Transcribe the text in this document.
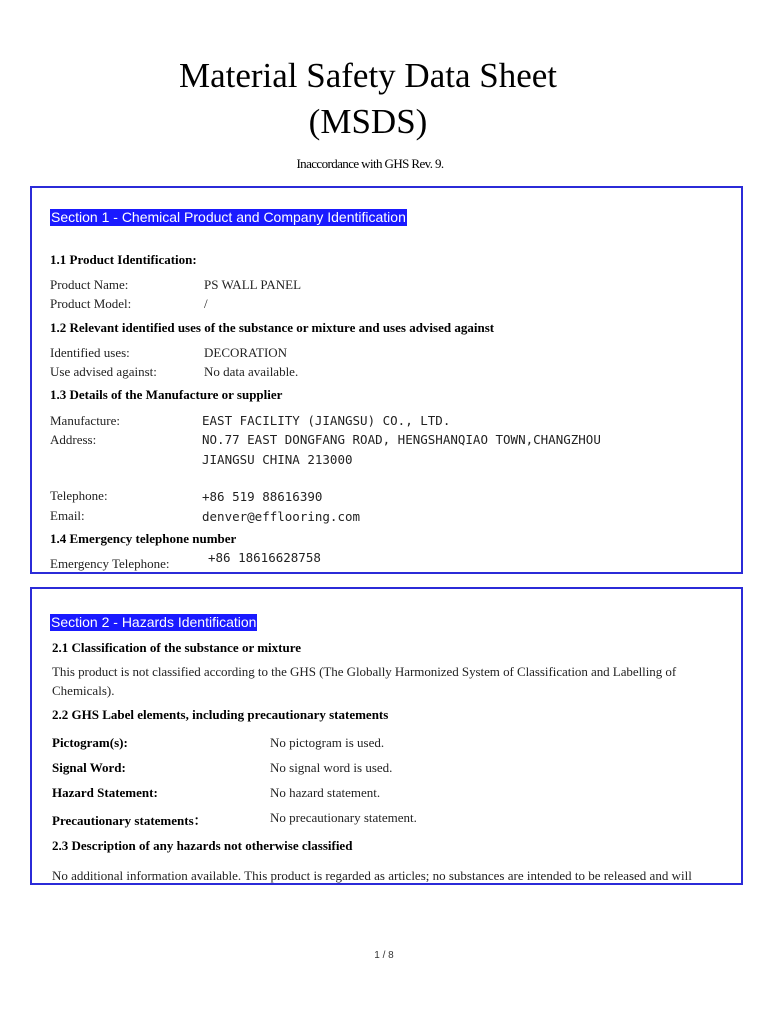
Material Safety Data Sheet
(MSDS)
Inaccordance with GHS Rev. 9.
Section 1 - Chemical Product and Company Identification
1.1 Product Identification:
Product Name:	PS WALL PANEL
Product Model:	/
1.2 Relevant identified uses of the substance or mixture and uses advised against
Identified uses:	DECORATION
Use advised against:	No data available.
1.3 Details of the Manufacture or supplier
Manufacture:	EAST FACILITY (JIANGSU) CO., LTD.
Address:	NO.77 EAST DONGFANG ROAD, HENGSHANQIAO TOWN,CHANGZHOU
JIANGSU CHINA 213000
Telephone:	+86 519 88616390
Email:	denver@efflooring.com
1.4 Emergency telephone number
Emergency Telephone:	+86 18616628758
Section 2 - Hazards Identification
2.1 Classification of the substance or mixture
This product is not classified according to the GHS (The Globally Harmonized System of Classification and Labelling of
Chemicals).
2.2 GHS Label elements, including precautionary statements
Pictogram(s):	No pictogram is used.
Signal Word:	No signal word is used.
Hazard Statement:	No hazard statement.
Precautionary statements：	No precautionary statement.
2.3 Description of any hazards not otherwise classified
No additional information available. This product is regarded as articles; no substances are intended to be released and will
1 / 8
